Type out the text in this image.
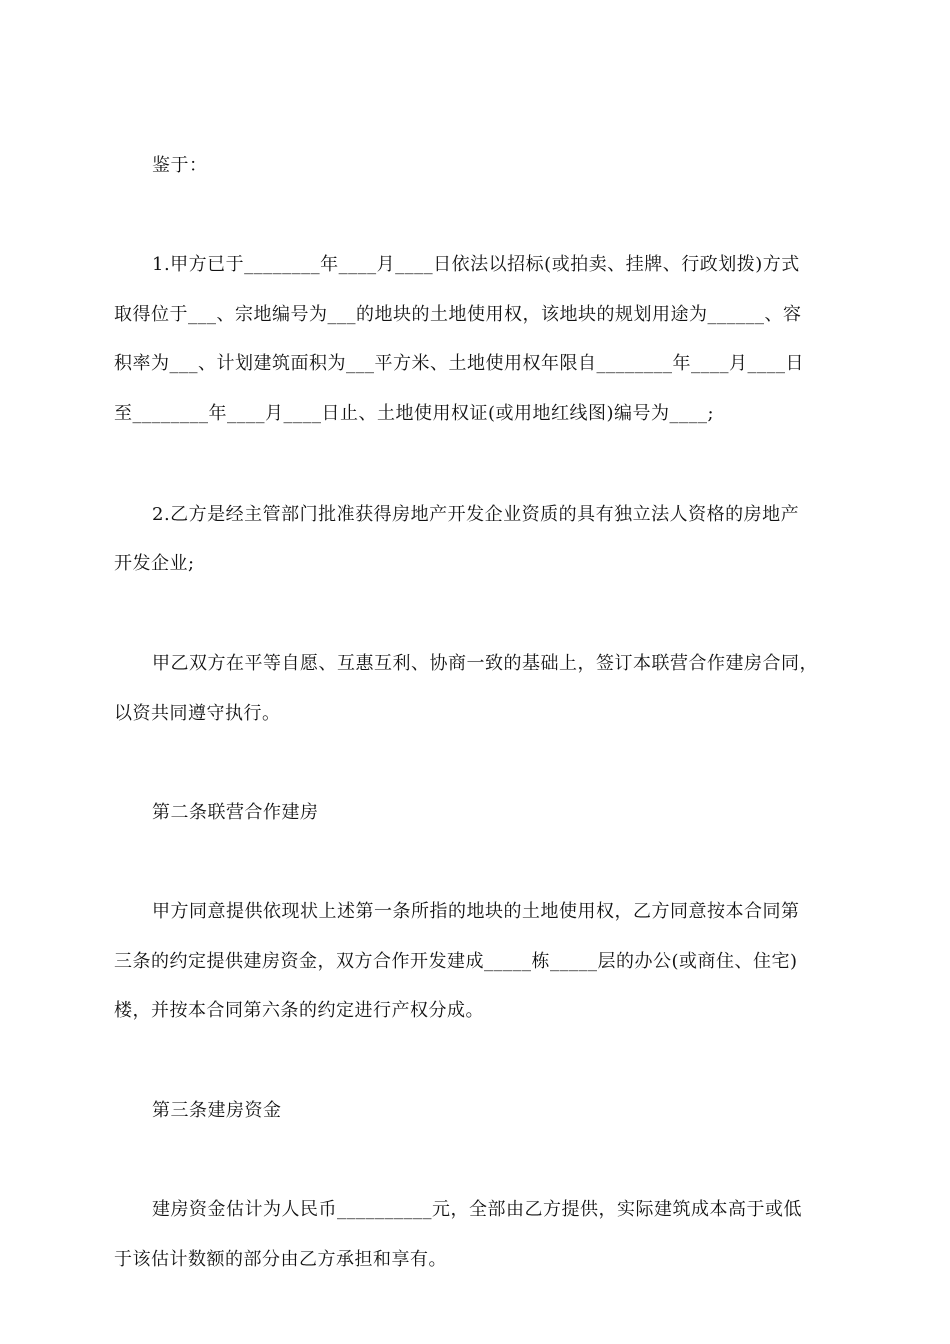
鉴于：
1.甲方已于________年____月____日依法以招标(或拍卖、挂牌、行政划拨)方式
取得位于___、宗地编号为___的地块的土地使用权，该地块的规划用途为______、容
积率为___、计划建筑面积为___平方米、土地使用权年限自________年____月____日
至________年____月____日止、土地使用权证(或用地红线图)编号为____;
2.乙方是经主管部门批准获得房地产开发企业资质的具有独立法人资格的房地产
开发企业;
甲乙双方在平等自愿、互惠互利、协商一致的基础上，签订本联营合作建房合同，
以资共同遵守执行。
第二条联营合作建房
甲方同意提供依现状上述第一条所指的地块的土地使用权，乙方同意按本合同第
三条的约定提供建房资金，双方合作开发建成_____栋_____层的办公(或商住、住宅)
楼，并按本合同第六条的约定进行产权分成。
第三条建房资金
建房资金估计为人民币__________元，全部由乙方提供，实际建筑成本高于或低
于该估计数额的部分由乙方承担和享有。
